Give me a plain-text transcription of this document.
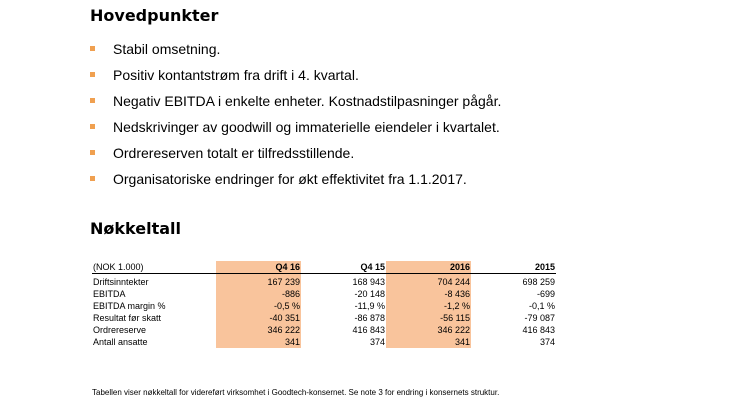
Hovedpunkter
Stabil omsetning.
Positiv kontantstrøm fra drift i 4. kvartal.
Negativ EBITDA i enkelte enheter. Kostnadstilpasninger pågår.
Nedskrivinger av goodwill og immaterielle eiendeler i kvartalet.
Ordrereserven totalt er tilfredsstillende.
Organisatoriske endringer for økt effektivitet fra 1.1.2017.
Nøkkeltall
(NOK 1.000)	Q4 16	Q4 15	2016	2015
Driftsinntekter	167 239	168 943	704 244	698 259
EBITDA	-886	-20 148	-8 436	-699
EBITDA margin %	-0,5 %	-11,9 %	-1,2 %	-0,1 %
Resultat før skatt	-40 351	-86 878	-56 115	-79 087
Ordrereserve	346 222	416 843	346 222	416 843
Antall ansatte	341	374	341	374

Tabellen viser nøkkeltall for videreført virksomhet i Goodtech-konsernet. Se note 3 for endring i konsernets struktur.
